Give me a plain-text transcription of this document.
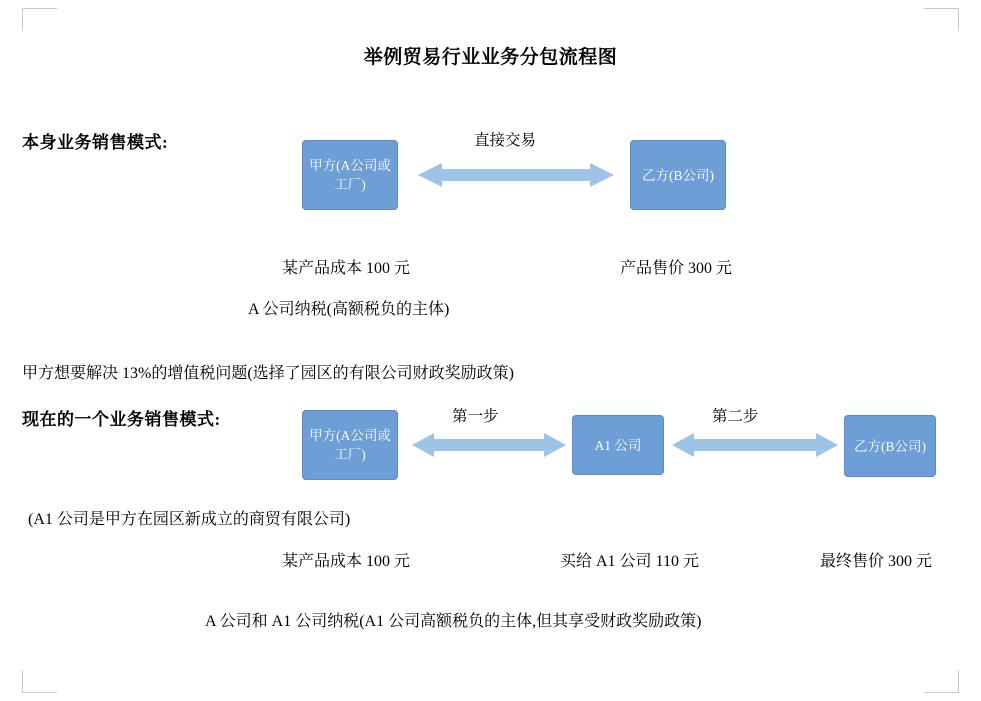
举例贸易行业业务分包流程图
本身业务销售模式:
甲方(A公司或工厂)
乙方(B公司)
直接交易
某产品成本 100 元	产品售价 300 元
A 公司纳税(高额税负的主体)
甲方想要解决 13%的增值税问题(选择了园区的有限公司财政奖励政策)
现在的一个业务销售模式:
甲方(A公司或工厂)
A1 公司	乙方(B公司)
第一步	第二步
(A1 公司是甲方在园区新成立的商贸有限公司)
某产品成本 100 元	买给 A1 公司 110 元	最终售价 300 元
A 公司和 A1 公司纳税(A1 公司高额税负的主体,但其享受财政奖励政策)
